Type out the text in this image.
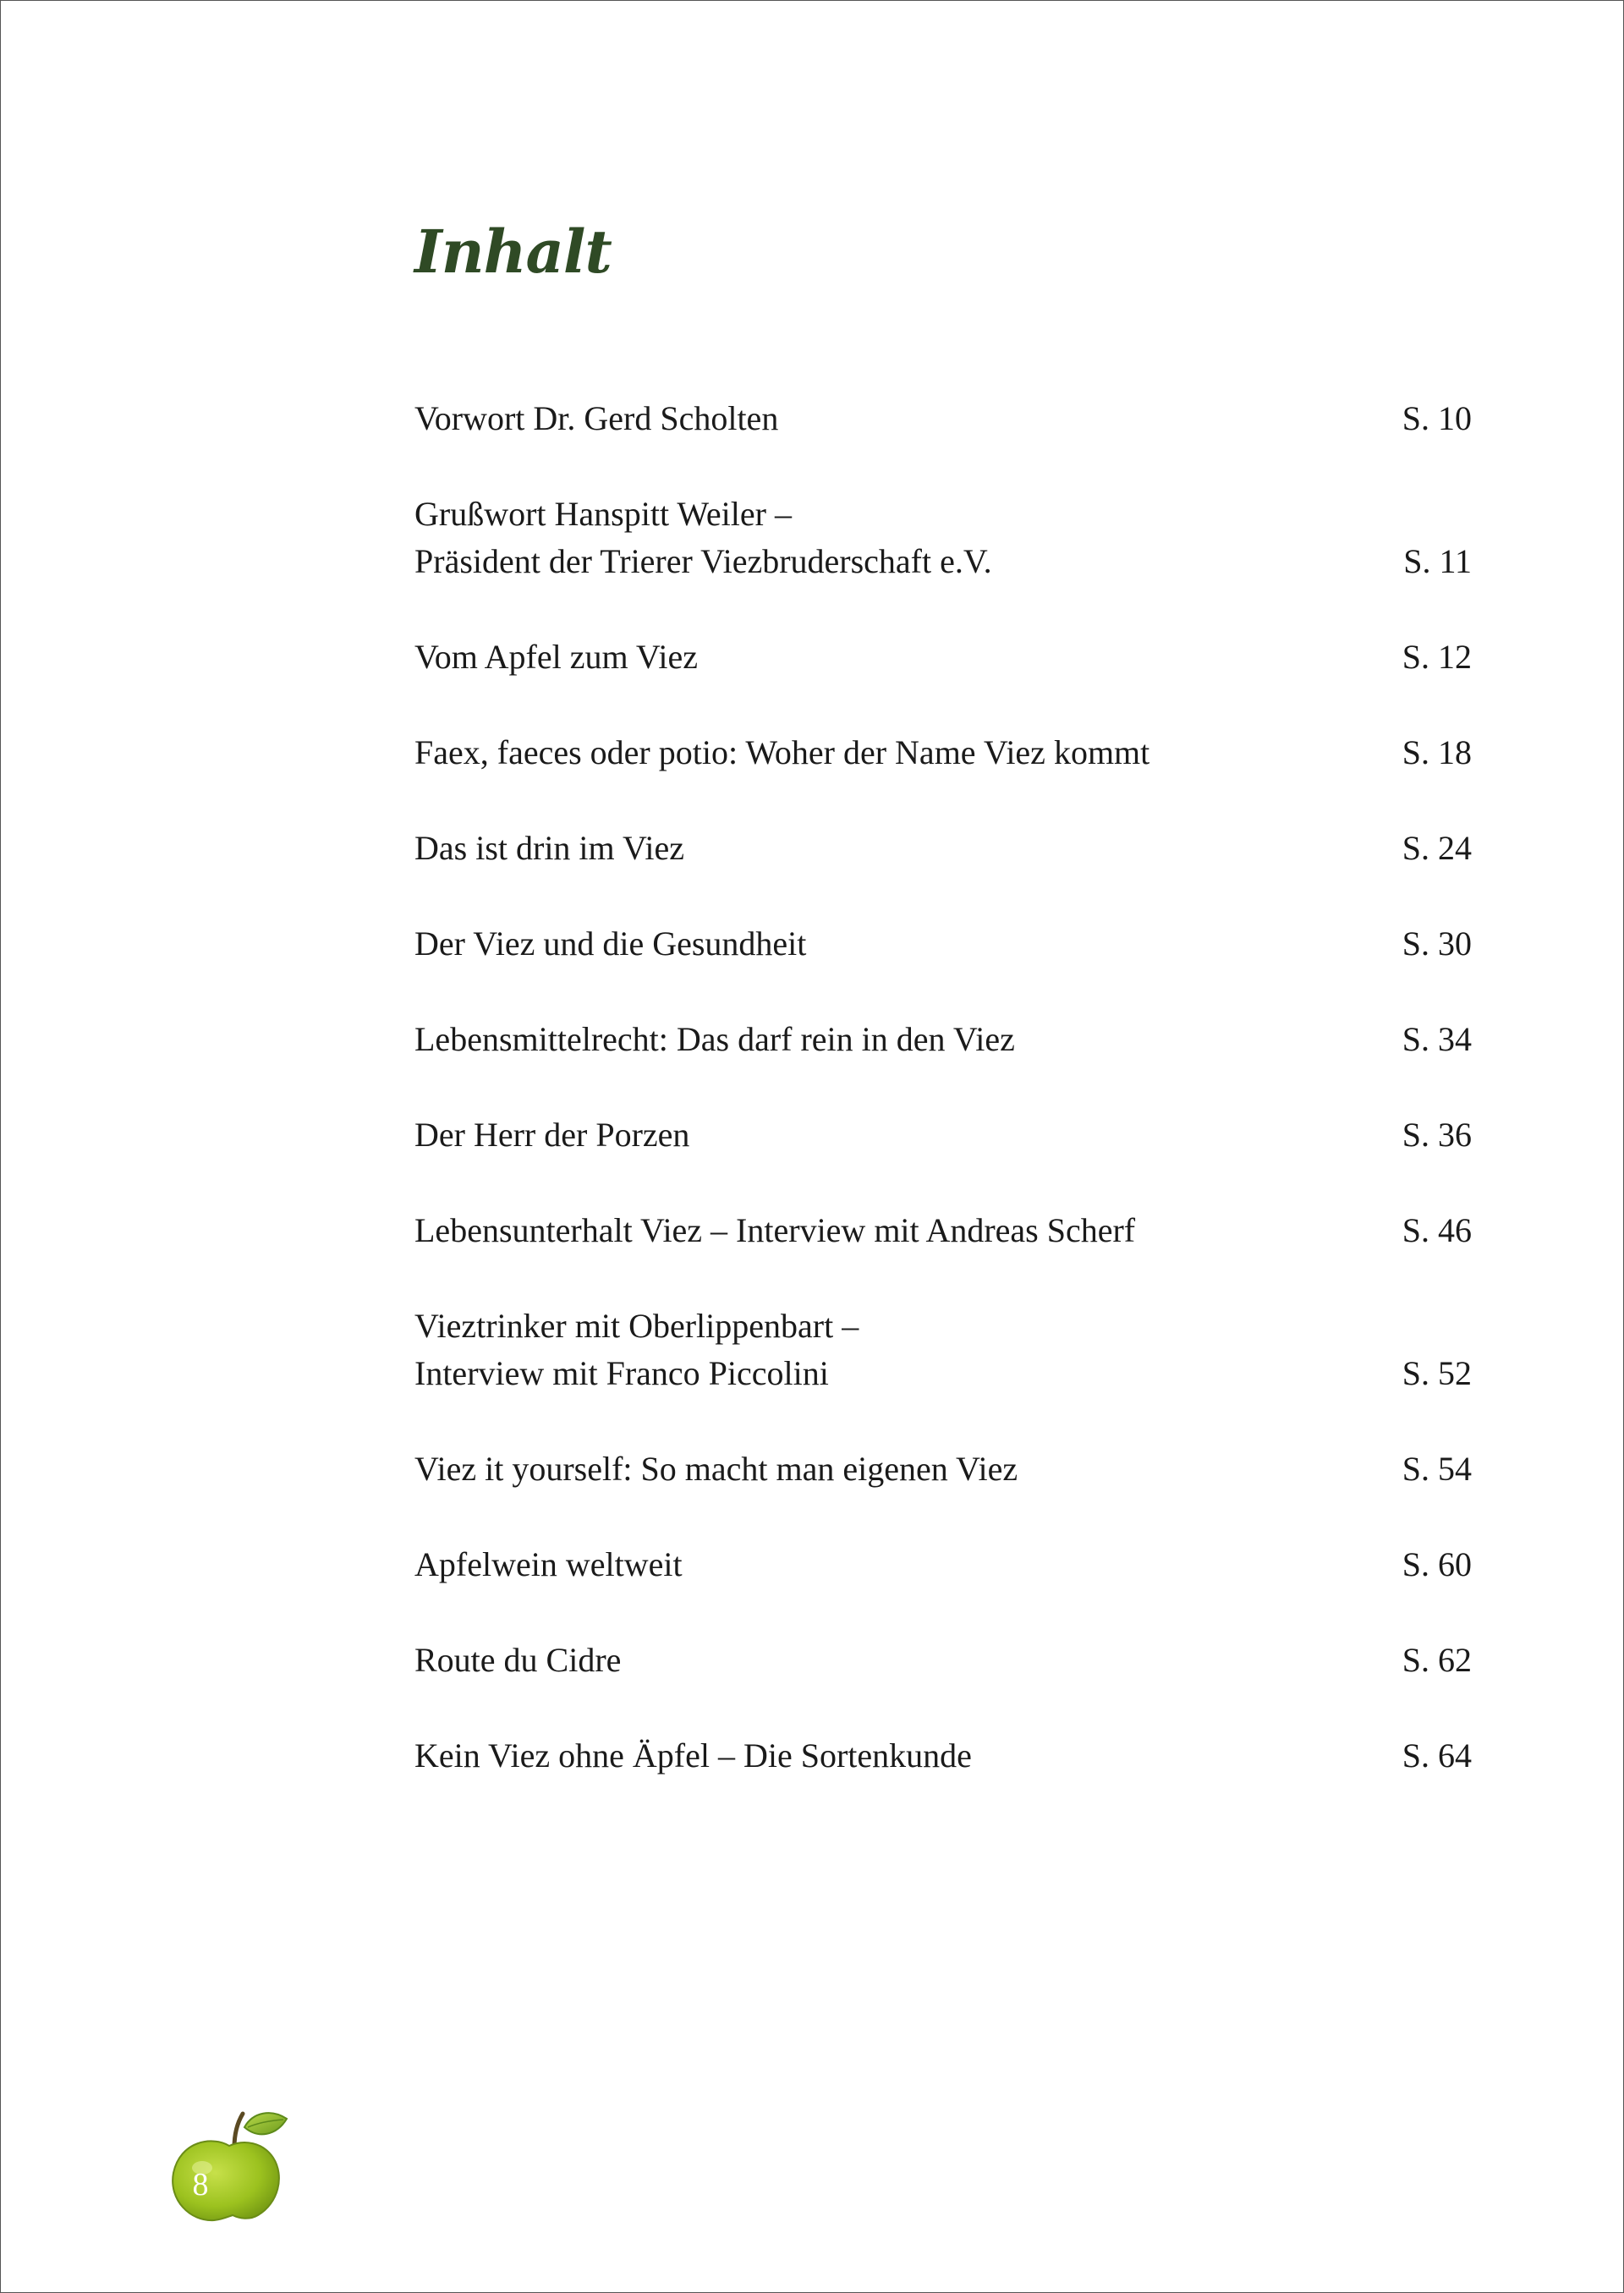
Inhalt
Vorwort Dr. Gerd Scholten	S. 10
Grußwort Hanspitt Weiler –
Präsident der Trierer Viezbruderschaft e.V.	S. 11
Vom Apfel zum Viez	S. 12
Faex, faeces oder potio: Woher der Name Viez kommt	S. 18
Das ist drin im Viez	S. 24
Der Viez und die Gesundheit	S. 30
Lebensmittelrecht: Das darf rein in den Viez	S. 34
Der Herr der Porzen	S. 36
Lebensunterhalt Viez – Interview mit Andreas Scherf	S. 46
Vieztrinker mit Oberlippenbart –
Interview mit Franco Piccolini	S. 52
Viez it yourself: So macht man eigenen Viez	S. 54
Apfelwein weltweit	S. 60
Route du Cidre	S. 62
Kein Viez ohne Äpfel – Die Sortenkunde	S. 64
8
